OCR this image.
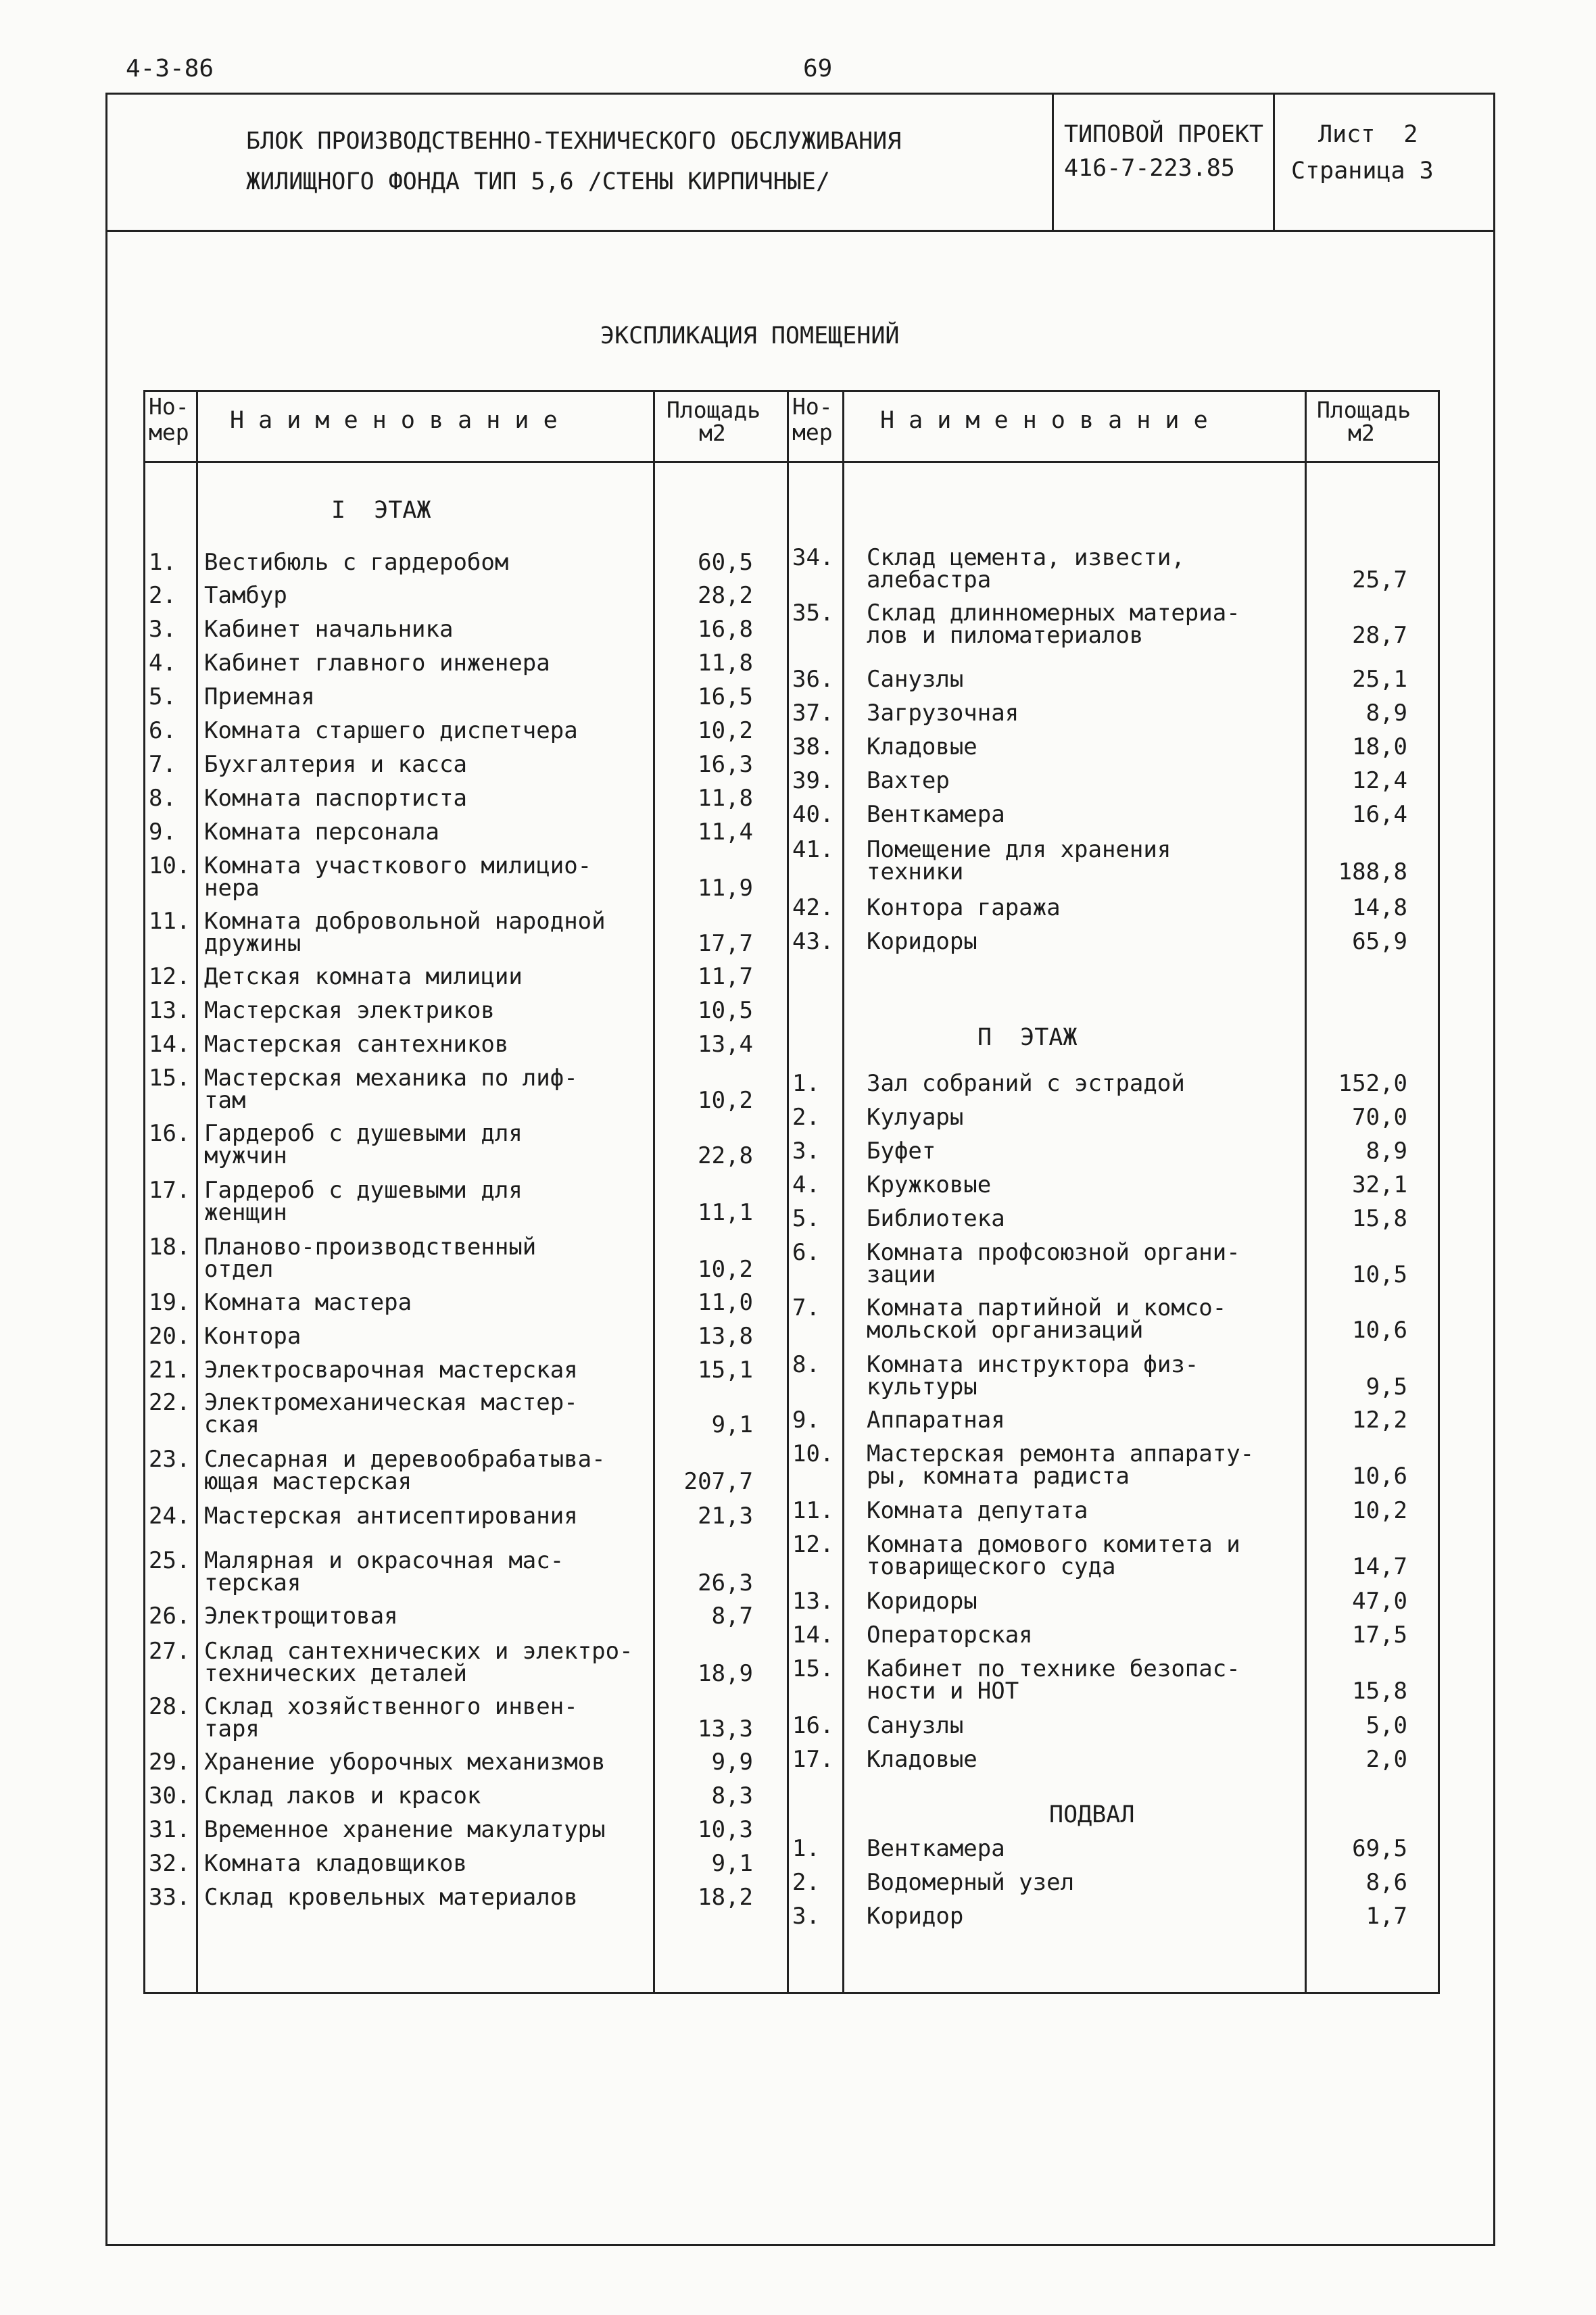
4-3-86	69
БЛОК ПРОИЗВОДСТВЕННО-ТЕХНИЧЕСКОГО ОБСЛУЖИВАНИЯ
ЖИЛИЩНОГО ФОНДА ТИП 5,6 /СТЕНЫ КИРПИЧНЫЕ/
ТИПОВОЙ ПРОЕКТ
416-7-223.85
Лист  2
Страница 3
ЭКСПЛИКАЦИЯ ПОМЕЩЕНИЙ
Но-
мер Н а и м е н о в а н и е	Площадь
м2
Но-
мер Н а и м е н о в а н и е	Площадь
м2
I  ЭТАЖ
П  ЭТАЖ
ПОДВАЛ
1. Вестибюль с гардеробом	60,5
2. Тамбур	28,2
3. Кабинет начальника	16,8
4. Кабинет главного инженера	11,8
5. Приемная	16,5
6. Комната старшего диспетчера	10,2
7. Бухгалтерия и касса	16,3
8. Комната паспортиста	11,8
9. Комната персонала	11,4
10. Комната участкового милицио-
нера	11,9
11. Комната добровольной народной
дружины	17,7
12. Детская комната милиции	11,7
13. Мастерская электриков	10,5
14. Мастерская сантехников	13,4
15. Мастерская механика по лиф-
там	10,2
16. Гардероб с душевыми для
мужчин	22,8
17. Гардероб с душевыми для
женщин	11,1
18. Планово-производственный
отдел	10,2
19. Комната мастера	11,0
20. Контора	13,8
21. Электросварочная мастерская	15,1
22. Электромеханическая мастер-
ская	9,1
23. Слесарная и деревообрабатыва-
ющая мастерская	207,7
24. Мастерская антисептирования	21,3
25. Малярная и окрасочная мас-
терская	26,3
26. Электрощитовая	8,7
27. Склад сантехнических и электро-
технических деталей	18,9
28. Склад хозяйственного инвен-
таря	13,3
29. Хранение уборочных механизмов	9,9
30. Склад лаков и красок	8,3
31. Временное хранение макулатуры	10,3
32. Комната кладовщиков	9,1
33. Склад кровельных материалов	18,2
34. Склад цемента, извести,
алебастра	25,7
35. Склад длинномерных материа-
лов и пиломатериалов	28,7
36. Санузлы	25,1
37. Загрузочная	8,9
38. Кладовые	18,0
39. Вахтер	12,4
40. Венткамера	16,4
41. Помещение для хранения
техники	188,8
42. Контора гаража	14,8
43. Коридоры	65,9
1. Зал собраний с эстрадой	152,0
2. Кулуары	70,0
3. Буфет	8,9
4. Кружковые	32,1
5. Библиотека	15,8
6. Комната профсоюзной органи-
зации	10,5
7. Комната партийной и комсо-
мольской организаций	10,6
8. Комната инструктора физ-
культуры	9,5
9. Аппаратная	12,2
10. Мастерская ремонта аппарату-
ры, комната радиста	10,6
11. Комната депутата	10,2
12. Комната домового комитета и
товарищеского суда	14,7
13. Коридоры	47,0
14. Операторская	17,5
15. Кабинет по технике безопас-
ности и НОТ	15,8
16. Санузлы	5,0
17. Кладовые	2,0
1. Венткамера	69,5
2. Водомерный узел	8,6
3. Коридор	1,7
